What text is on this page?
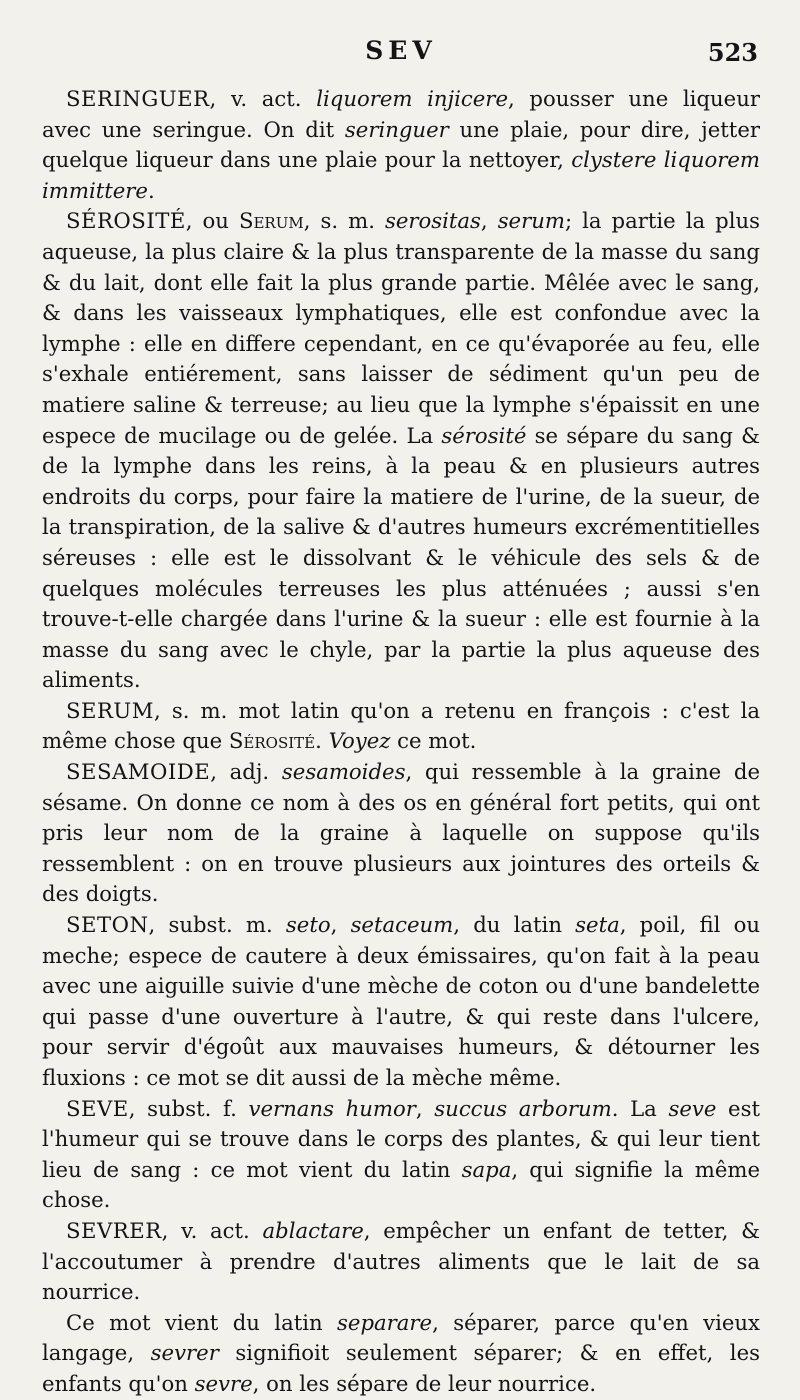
SEV	523

SERINGUER, v. act. liquorem injicere, pousser une liqueur avec une seringue. On dit seringuer une plaie, pour dire, jetter quelque liqueur dans une plaie pour la nettoyer, clystere liquorem immittere.

SÉROSITÉ, ou Serum, s. m. serositas, serum; la partie la plus aqueuse, la plus claire & la plus transparente de la masse du sang & du lait, dont elle fait la plus grande partie. Mêlée avec le sang, & dans les vaisseaux lymphatiques, elle est confondue avec la lymphe : elle en differe cependant, en ce qu'évaporée au feu, elle s'exhale entiérement, sans laisser de sédiment qu'un peu de matiere saline & terreuse; au lieu que la lymphe s'épaissit en une espece de mucilage ou de gelée. La sérosité se sépare du sang & de la lymphe dans les reins, à la peau & en plusieurs autres endroits du corps, pour faire la matiere de l'urine, de la sueur, de la transpiration, de la salive & d'autres humeurs excrémentitielles séreuses : elle est le dissolvant & le véhicule des sels & de quelques molécules terreuses les plus atténuées ; aussi s'en trouve-t-elle chargée dans l'urine & la sueur : elle est fournie à la masse du sang avec le chyle, par la partie la plus aqueuse des aliments.

SERUM, s. m. mot latin qu'on a retenu en françois : c'est la même chose que Sérosité. Voyez ce mot.

SESAMOIDE, adj. sesamoides, qui ressemble à la graine de sésame. On donne ce nom à des os en général fort petits, qui ont pris leur nom de la graine à laquelle on suppose qu'ils ressemblent : on en trouve plusieurs aux jointures des orteils & des doigts.

SETON, subst. m. seto, setaceum, du latin seta, poil, fil ou meche; espece de cautere à deux émissaires, qu'on fait à la peau avec une aiguille suivie d'une mèche de coton ou d'une bandelette qui passe d'une ouverture à l'autre, & qui reste dans l'ulcere, pour servir d'égoût aux mauvaises humeurs, & détourner les fluxions : ce mot se dit aussi de la mèche même.

SEVE, subst. f. vernans humor, succus arborum. La seve est l'humeur qui se trouve dans le corps des plantes, & qui leur tient lieu de sang : ce mot vient du latin sapa, qui signifie la même chose.

SEVRER, v. act. ablactare, empêcher un enfant de tetter, & l'accoutumer à prendre d'autres aliments que le lait de sa nourrice.

Ce mot vient du latin separare, séparer, parce qu'en vieux langage, sevrer signifioit seulement séparer; & en effet, les enfants qu'on sevre, on les sépare de leur nourrice.
